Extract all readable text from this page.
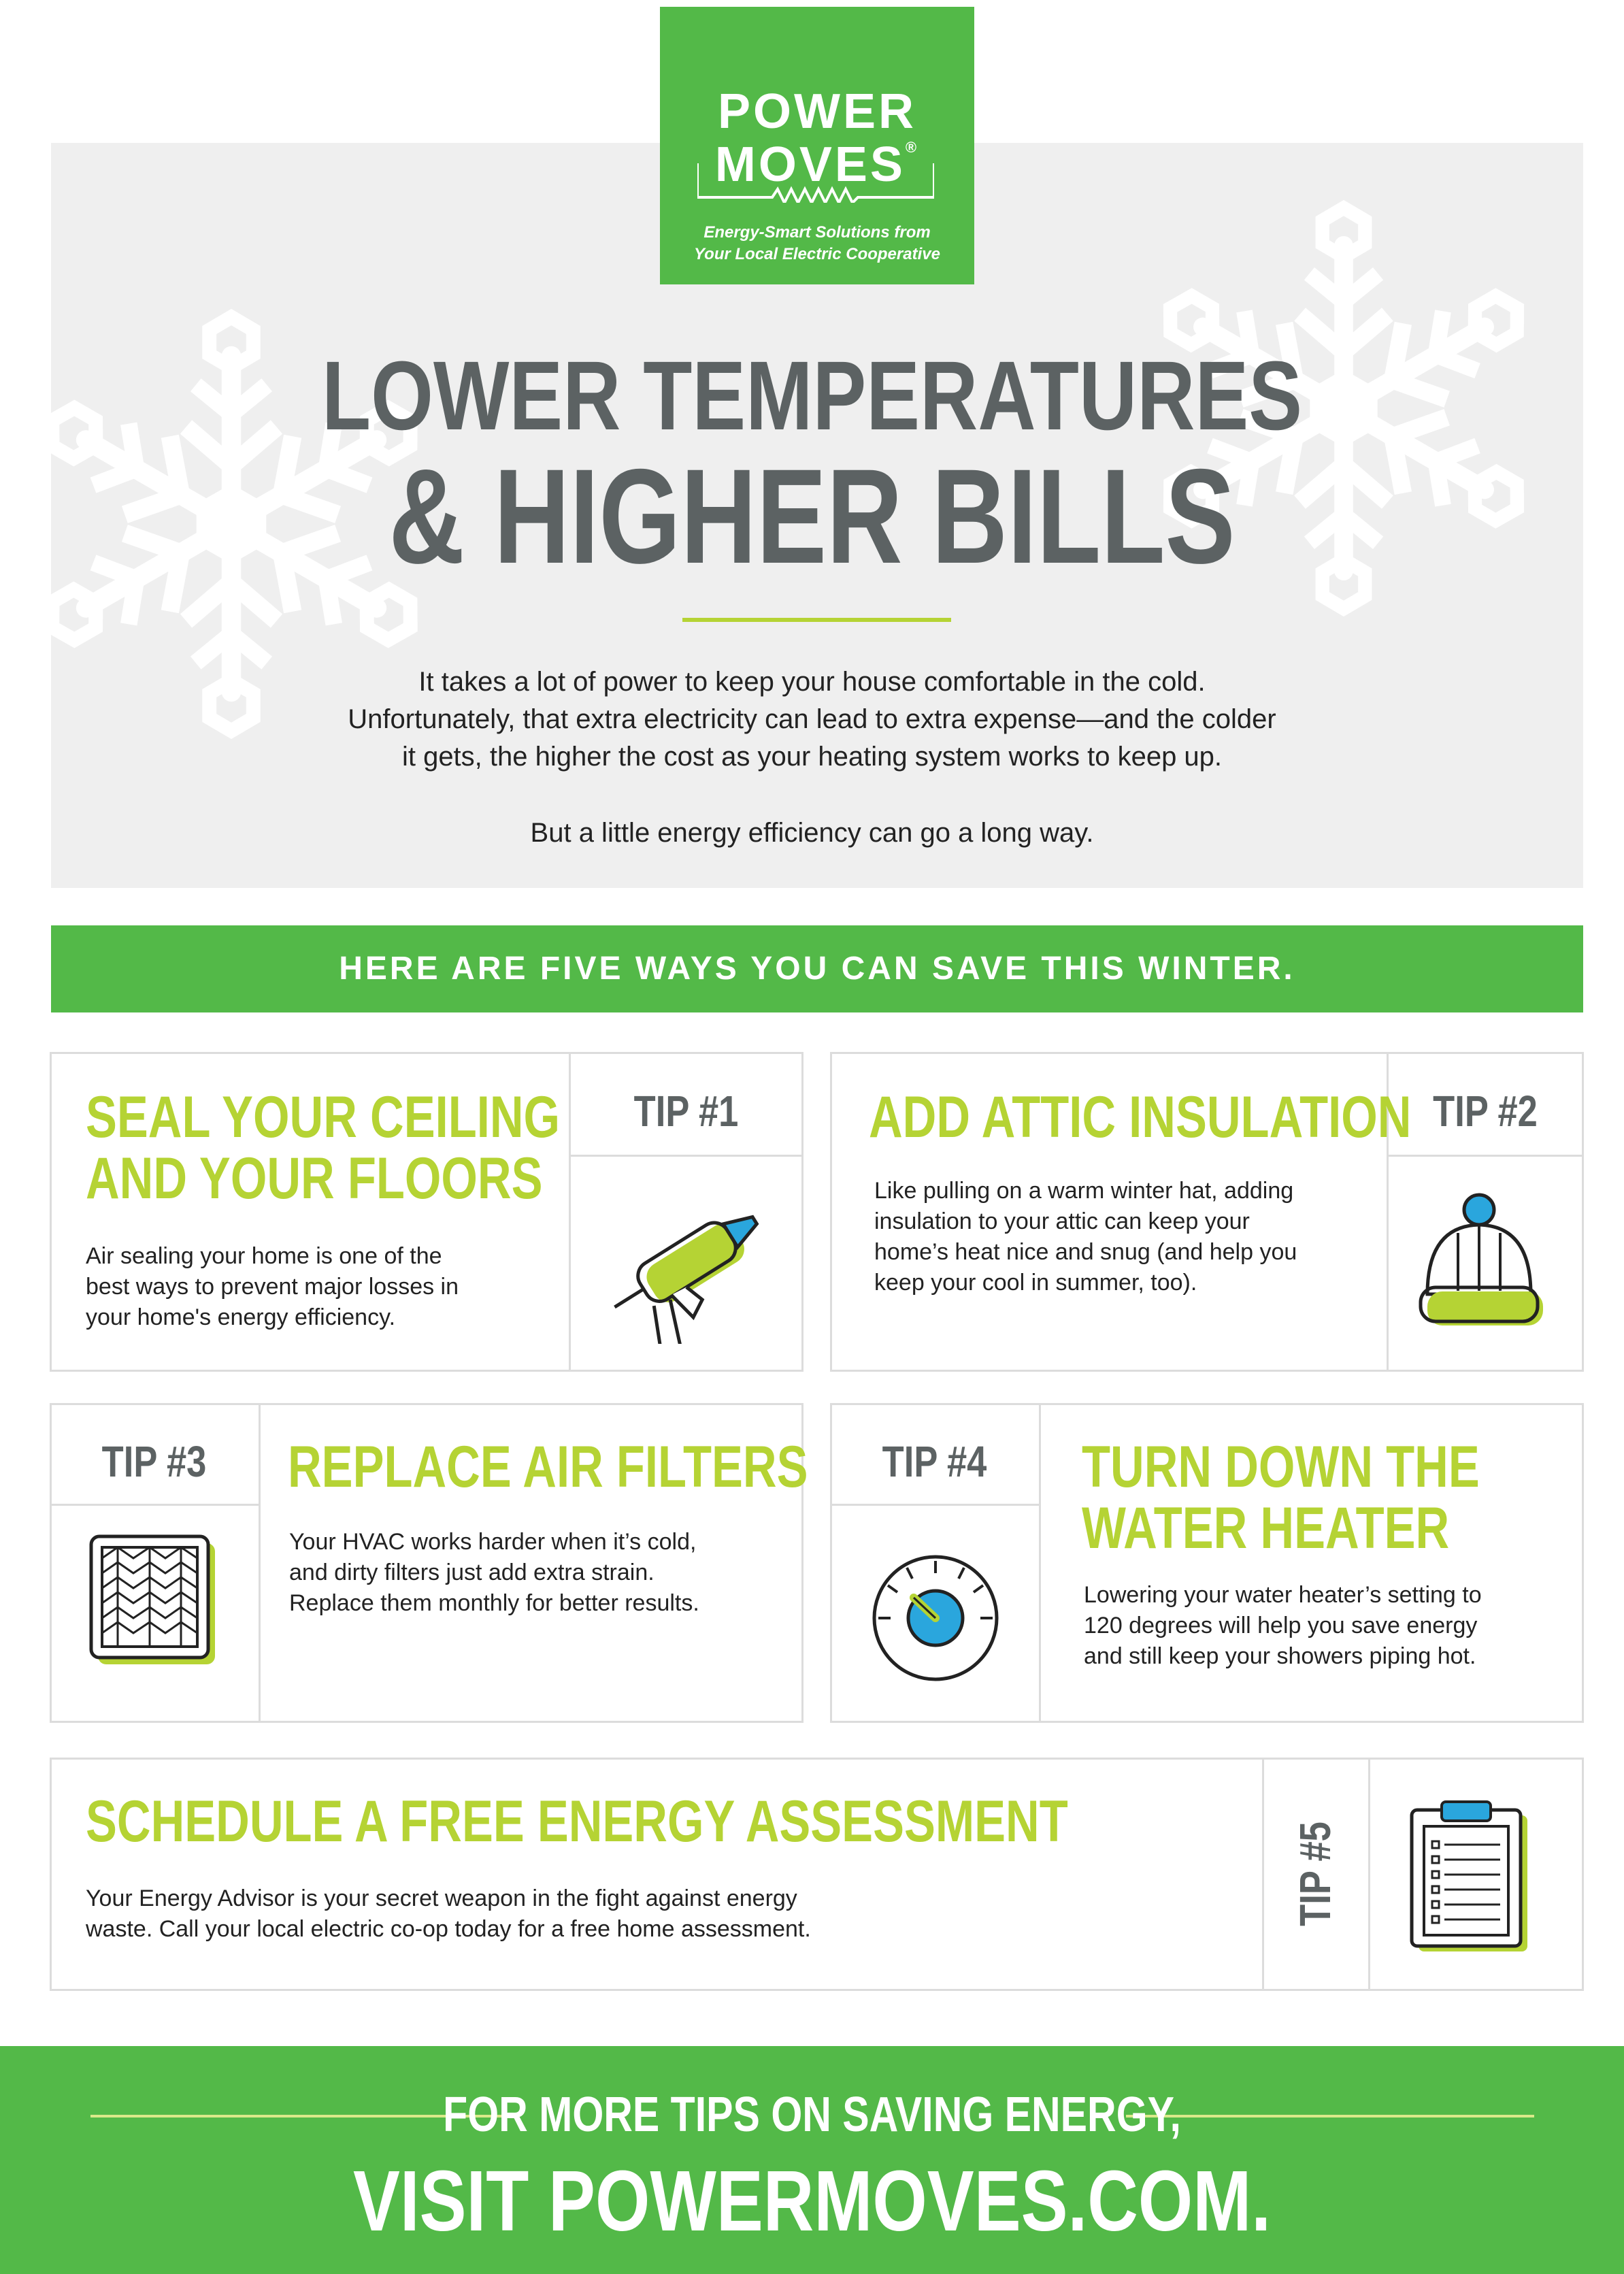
POWER
MOVES®
Energy-Smart Solutions from
Your Local Electric Cooperative
LOWER TEMPERATURES
& HIGHER BILLS
It takes a lot of power to keep your house comfortable in the cold.
Unfortunately, that extra electricity can lead to extra expense—and the colder
it gets, the higher the cost as your heating system works to keep up.
But a little energy efficiency can go a long way.
HERE ARE FIVE WAYS YOU CAN SAVE THIS WINTER.
SEAL YOUR CEILING
AND YOUR FLOORS
Air sealing your home is one of the
best ways to prevent major losses in
your home's energy efficiency.
TIP #1	ADD ATTIC INSULATION
Like pulling on a warm winter hat, adding
insulation to your attic can keep your
home’s heat nice and snug (and help you
keep your cool in summer, too).
TIP #2
TIP #3	REPLACE AIR FILTERS
Your HVAC works harder when it’s cold,
and dirty filters just add extra strain.
Replace them monthly for better results.
TIP #4	TURN DOWN THE
WATER HEATER
Lowering your water heater’s setting to
120 degrees will help you save energy
and still keep your showers piping hot.
SCHEDULE A FREE ENERGY ASSESSMENT
Your Energy Advisor is your secret weapon in the fight against energy
waste. Call your local electric co-op today for a free home assessment.
TIP #5
FOR MORE TIPS ON SAVING ENERGY,
VISIT POWERMOVES.COM.
